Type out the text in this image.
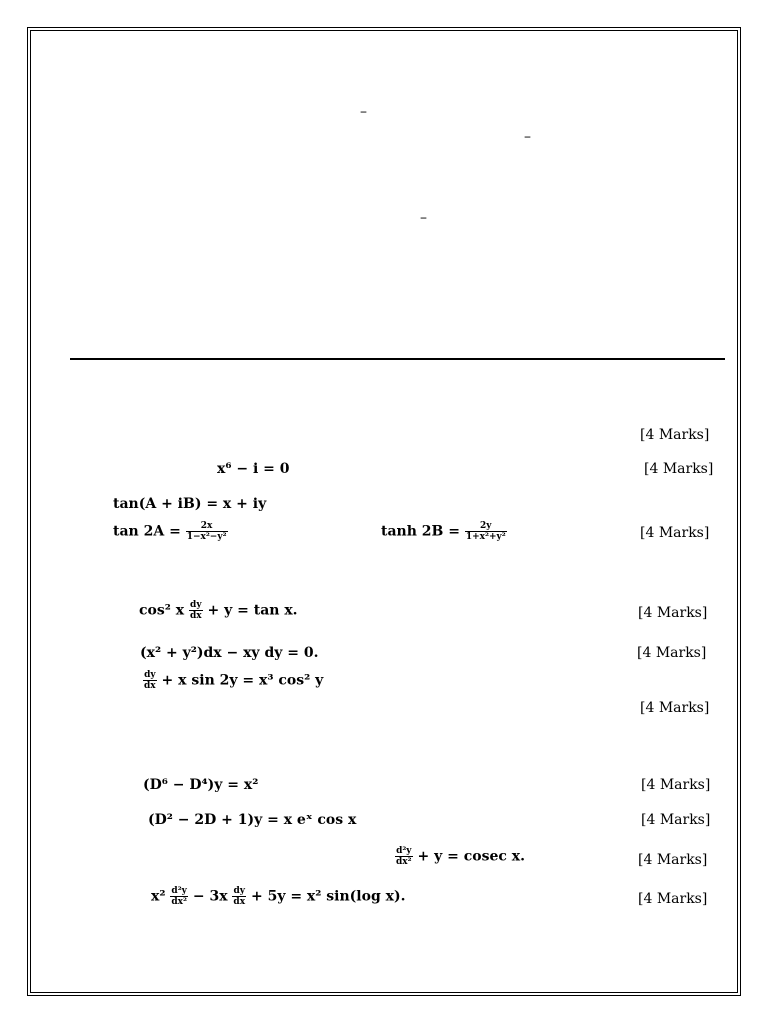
–
–
–
[4 Marks]
[4 Marks]
[4 Marks]
[4 Marks]
[4 Marks]
[4 Marks]
[4 Marks]
[4 Marks]
[4 Marks]
[4 Marks]
x⁶ − i = 0
tan(A + iB) = x + iy
$\tan 2A = \frac{2x}{\text{1−x²−y²}}$	$\tanh 2B = \frac{2y}{\text{1+x²+y²}}$
cos² x $\frac{dy}{dx} + y = \tan x$.
(x² + y²)dx − xy dy = 0.
$\frac{dy}{dx} + x$ sin 2y = x³ cos² y
(D⁶ − D⁴)y = x²
(D² − 2D + 1)y = x eˣ cos x
$\frac{\text{d²y}}{\text{dx²}} + y = cosec$ x.
$x^2 \frac{\text{d²y}}{\text{dx²}} - 3x \frac{dy}{dx} + 5y = x^2$ sin(log x).
